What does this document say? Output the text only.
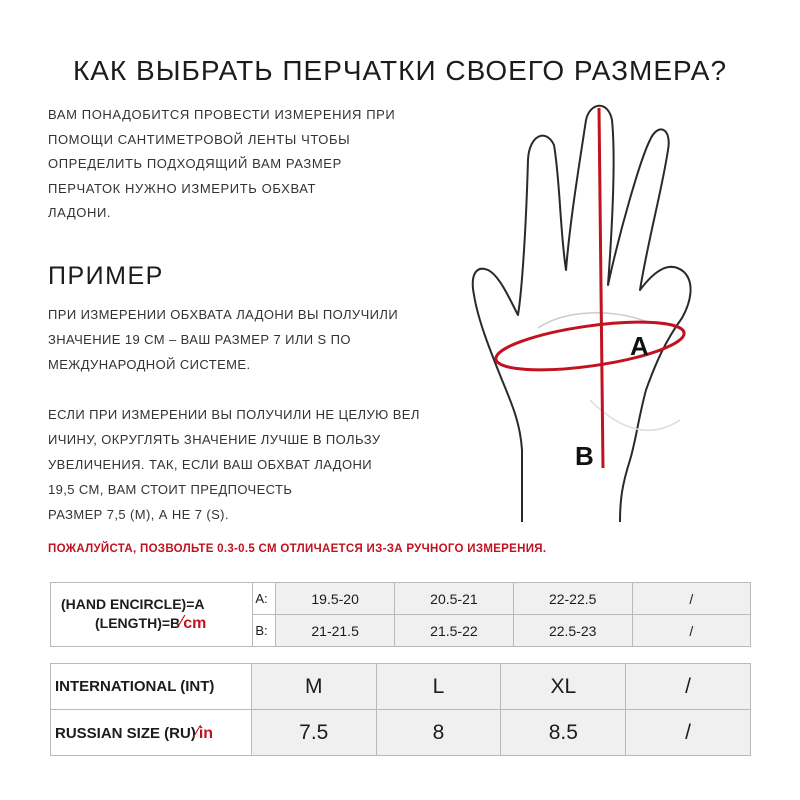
КАК ВЫБРАТЬ ПЕРЧАТКИ СВОЕГО РАЗМЕРА?
ВАМ ПОНАДОБИТСЯ ПРОВЕСТИ ИЗМЕРЕНИЯ ПРИ
ПОМОЩИ САНТИМЕТРОВОЙ ЛЕНТЫ ЧТОБЫ
ОПРЕДЕЛИТЬ ПОДХОДЯЩИЙ ВАМ РАЗМЕР
ПЕРЧАТОК НУЖНО ИЗМЕРИТЬ ОБХВАТ
ЛАДОНИ.
ПРИМЕР
ПРИ ИЗМЕРЕНИИ ОБХВАТА ЛАДОНИ ВЫ ПОЛУЧИЛИ
ЗНАЧЕНИЕ 19 СМ – ВАШ РАЗМЕР 7 ИЛИ S ПО
МЕЖДУНАРОДНОЙ СИСТЕМЕ.
ЕСЛИ ПРИ ИЗМЕРЕНИИ ВЫ ПОЛУЧИЛИ НЕ ЦЕЛУЮ ВЕЛ
ИЧИНУ, ОКРУГЛЯТЬ ЗНАЧЕНИЕ ЛУЧШЕ В ПОЛЬЗУ
УВЕЛИЧЕНИЯ. ТАК, ЕСЛИ ВАШ ОБХВАТ ЛАДОНИ
19,5 СМ, ВАМ СТОИТ ПРЕДПОЧЕСТЬ
РАЗМЕР 7,5 (М), А НЕ 7 (S).
A
B
ПОЖАЛУЙСТА, ПОЗВОЛЬТЕ 0.3-0.5 СМ ОТЛИЧАЕТСЯ ИЗ-ЗА РУЧНОГО ИЗМЕРЕНИЯ.
(HAND ENCIRCLE)=A
(LENGTH)=B⁄cm	A:	19.5-20	20.5-21	22-22.5	/
	B:	21-21.5	21.5-22	22.5-23	/
INTERNATIONAL (INT)	M	L	XL	/
RUSSIAN SIZE (RU)⁄in	7.5	8	8.5	/
